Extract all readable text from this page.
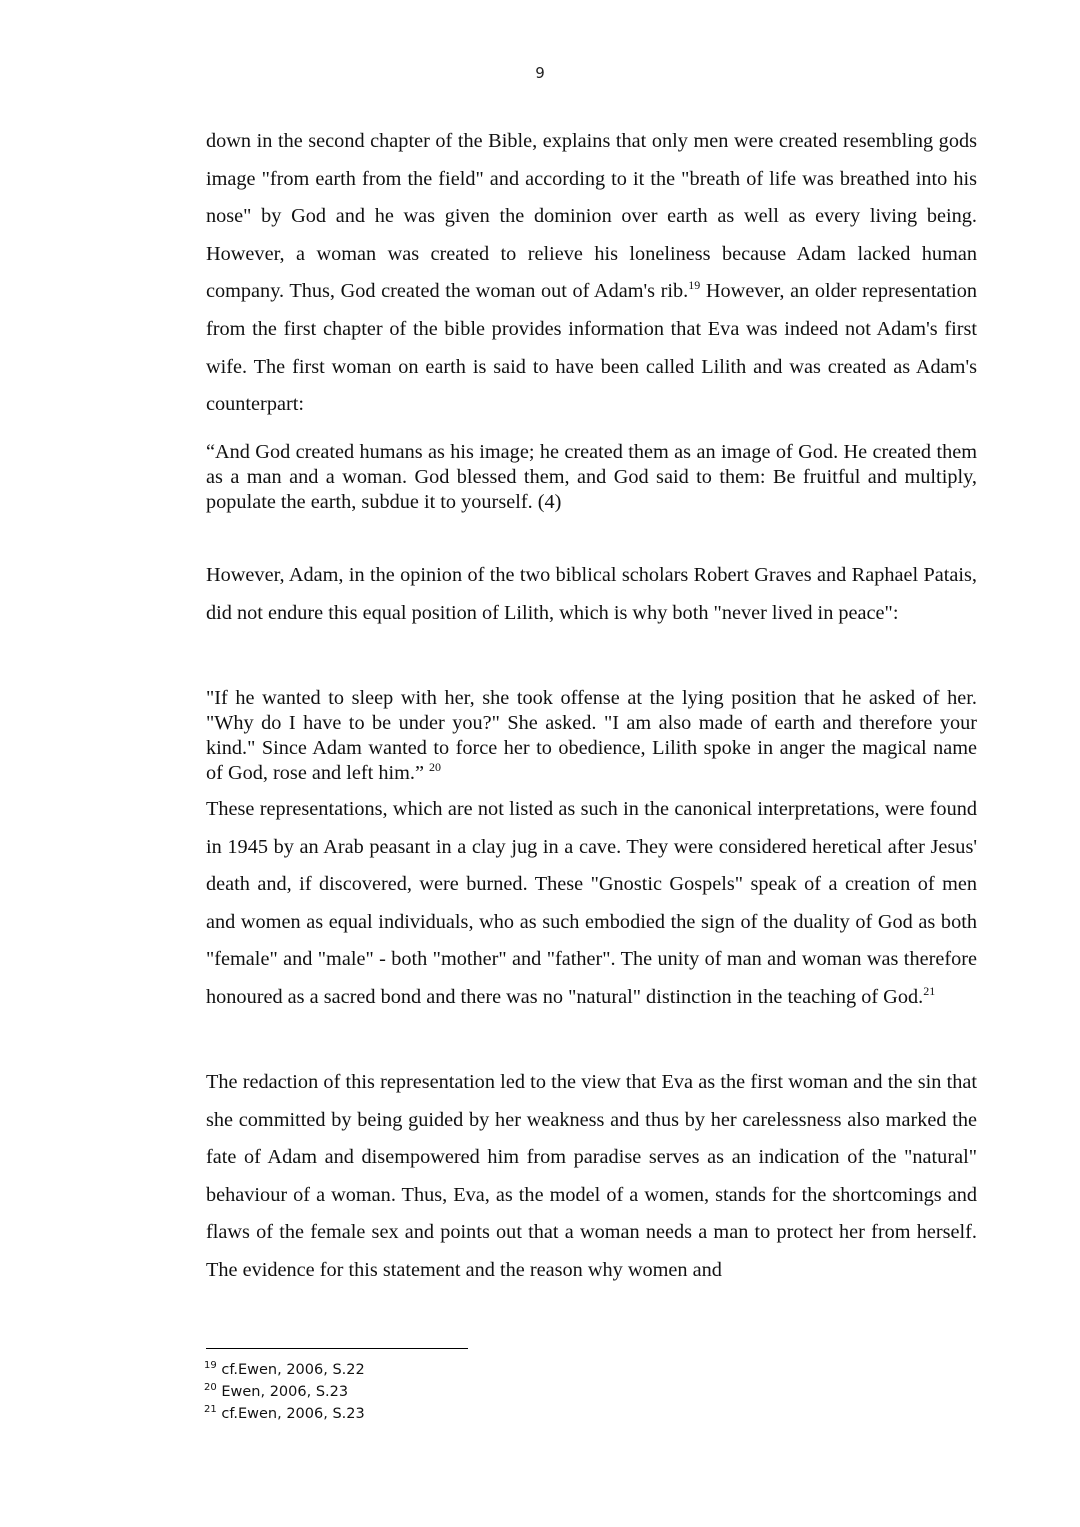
9

down in the second chapter of the Bible, explains that only men were created resembling gods image "from earth from the field" and according to it the "breath of life was breathed into his nose" by God and he was given the dominion over earth as well as every living being. However, a woman was created to relieve his loneliness because Adam lacked human company. Thus, God created the woman out of Adam's rib.$^{19}$ However, an older representation from the first chapter of the bible provides information that Eva was indeed not Adam's first wife. The first woman on earth is said to have been called Lilith and was created as Adam's counterpart:

“And God created humans as his image; he created them as an image of God. He created them as a man and a woman. God blessed them, and God said to them: Be fruitful and multiply, populate the earth, subdue it to yourself. (4)

However, Adam, in the opinion of the two biblical scholars Robert Graves and Raphael Patais, did not endure this equal position of Lilith, which is why both "never lived in peace":

"If he wanted to sleep with her, she took offense at the lying position that he asked of her. "Why do I have to be under you?" She asked. "I am also made of earth and therefore your kind." Since Adam wanted to force her to obedience, Lilith spoke in anger the magical name of God, rose and left him.” $^{20}$

These representations, which are not listed as such in the canonical interpretations, were found in 1945 by an Arab peasant in a clay jug in a cave. They were considered heretical after Jesus' death and, if discovered, were burned. These "Gnostic Gospels" speak of a creation of men and women as equal individuals, who as such embodied the sign of the duality of God as both "female" and "male" - both "mother" and "father". The unity of man and woman was therefore honoured as a sacred bond and there was no "natural" distinction in the teaching of God.$^{21}$

The redaction of this representation led to the view that Eva as the first woman and the sin that she committed by being guided by her weakness and thus by her carelessness also marked the fate of Adam and disempowered him from paradise serves as an indication of the "natural" behaviour of a woman. Thus, Eva, as the model of a women, stands for the shortcomings and flaws of the female sex and points out that a woman needs a man to protect her from herself. The evidence for this statement and the reason why women and

$^{19}$ cf.Ewen, 2006, S.22
$^{20}$ Ewen, 2006, S.23
$^{21}$ cf.Ewen, 2006, S.23
